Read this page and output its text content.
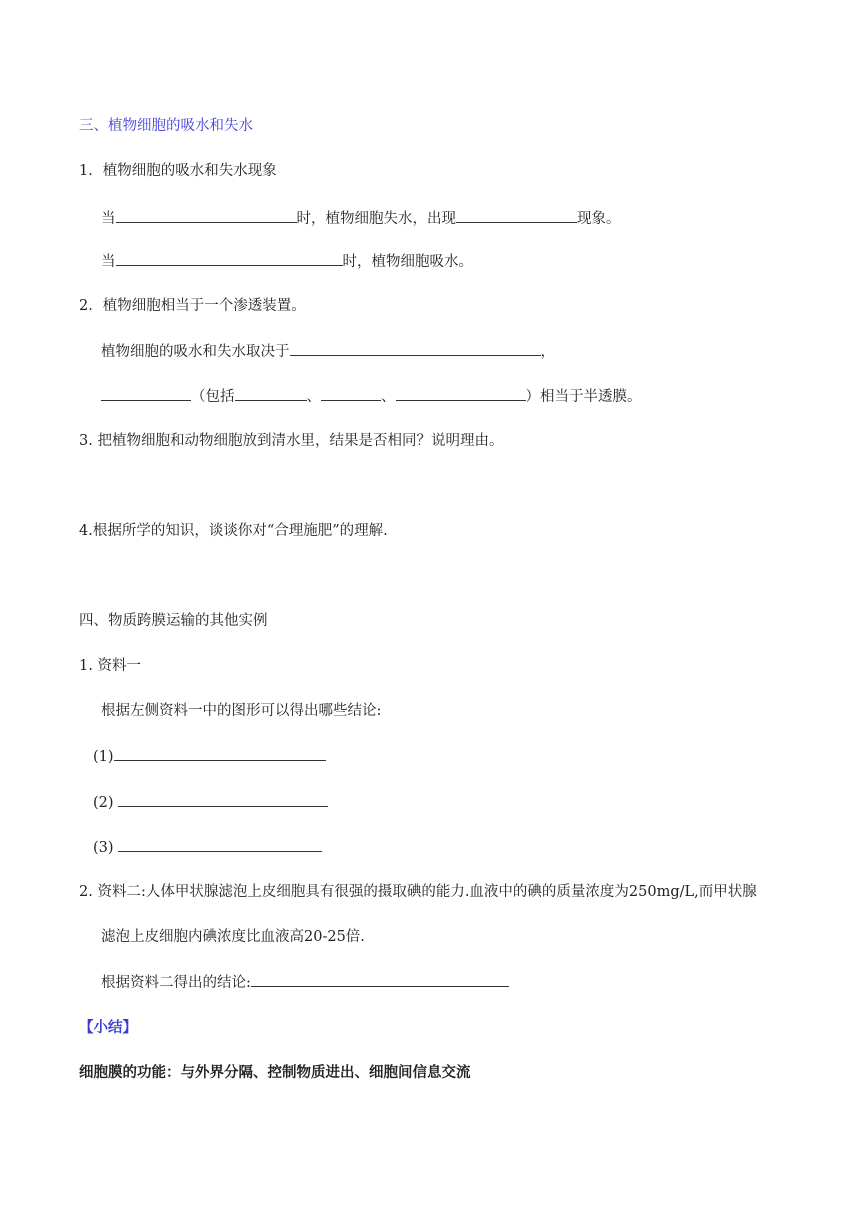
三、植物细胞的吸水和失水
1．植物细胞的吸水和失水现象
当	时，植物细胞失水，出现	现象。
当	时，植物细胞吸水。
2．植物细胞相当于一个渗透装置。
植物细胞的吸水和失水取决于	，
（包括	、	、	）相当于半透膜。
3. 把植物细胞和动物细胞放到清水里，结果是否相同？说明理由。
4.根据所学的知识，谈谈你对“合理施肥”的理解.
四、物质跨膜运输的其他实例
1. 资料一
根据左侧资料一中的图形可以得出哪些结论:
(1)
(2)
(3)
2. 资料二:人体甲状腺滤泡上皮细胞具有很强的摄取碘的能力.血液中的碘的质量浓度为250mg/L,而甲状腺
滤泡上皮细胞内碘浓度比血液高20-25倍.
根据资料二得出的结论:
【小结】
细胞膜的功能：与外界分隔、控制物质进出、细胞间信息交流
